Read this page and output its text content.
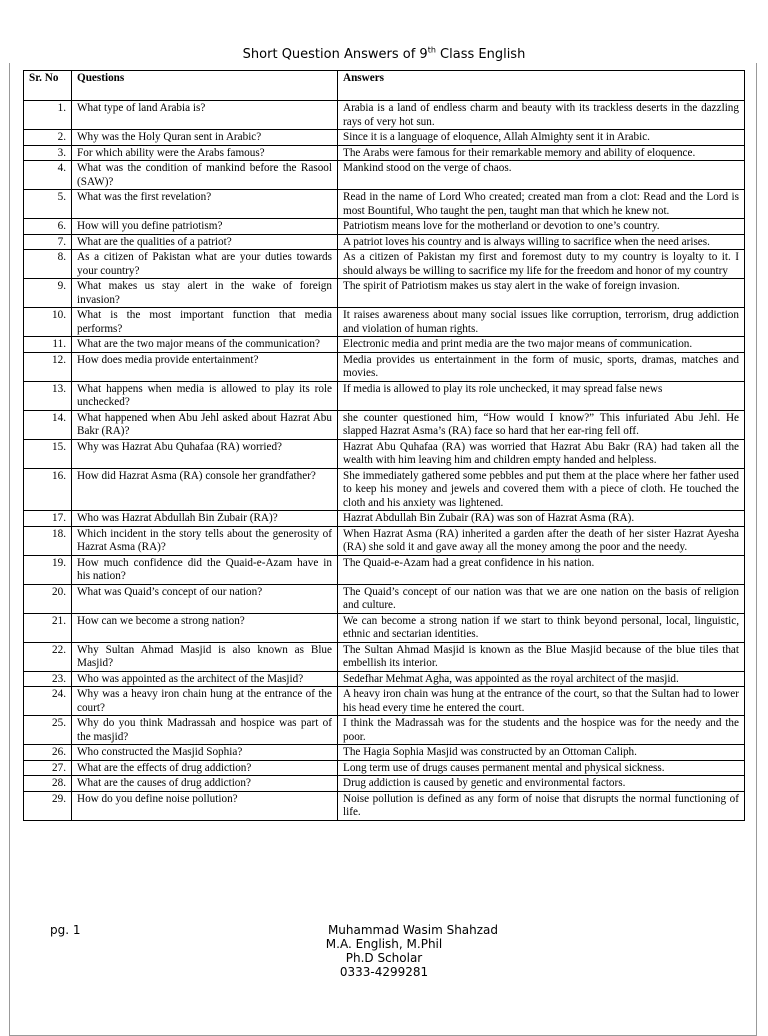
Short Question Answers of 9th Class English
Sr. No	Questions	Answers
1.	What type of land Arabia is?	Arabia is a land of endless charm and beauty with its trackless deserts in the dazzling rays of very hot sun.
2.	Why was the Holy Quran sent in Arabic?	Since it is a language of eloquence, Allah Almighty sent it in Arabic.
3.	For which ability were the Arabs famous?	The Arabs were famous for their remarkable memory and ability of eloquence.
4.	What was the condition of mankind before the Rasool (SAW)?	Mankind stood on the verge of chaos.
5.	What was the first revelation?	Read in the name of Lord Who created; created man from a clot: Read and the Lord is most Bountiful, Who taught the pen, taught man that which he knew not.
6.	How will you define patriotism?	Patriotism means love for the motherland or devotion to one’s country.
7.	What are the qualities of a patriot?	A patriot loves his country and is always willing to sacrifice when the need arises.
8.	As a citizen of Pakistan what are your duties towards your country?	As a citizen of Pakistan my first and foremost duty to my country is loyalty to it. I should always be willing to sacrifice my life for the freedom and honor of my country
9.	What makes us stay alert in the wake of foreign invasion?	The spirit of Patriotism makes us stay alert in the wake of foreign invasion.
10.	What is the most important function that media performs?	It raises awareness about many social issues like corruption, terrorism, drug addiction and violation of human rights.
11.	What are the two major means of the communication?	Electronic media and print media are the two major means of communication.
12.	How does media provide entertainment?	Media provides us entertainment in the form of music, sports, dramas, matches and movies.
13.	What happens when media is allowed to play its role unchecked?	If media is allowed to play its role unchecked, it may spread false news
14.	What happened when Abu Jehl asked about Hazrat Abu Bakr (RA)?	she counter questioned him, “How would I know?” This infuriated Abu Jehl. He slapped Hazrat Asma’s (RA) face so hard that her ear-ring fell off.
15.	Why was Hazrat Abu Quhafaa (RA) worried?	Hazrat Abu Quhafaa (RA) was worried that Hazrat Abu Bakr (RA) had taken all the wealth with him leaving him and children empty handed and helpless.
16.	How did Hazrat Asma (RA) console her grandfather?	She immediately gathered some pebbles and put them at the place where her father used to keep his money and jewels and covered them with a piece of cloth. He touched the cloth and his anxiety was lightened.
17.	Who was Hazrat Abdullah Bin Zubair (RA)?	Hazrat Abdullah Bin Zubair (RA) was son of Hazrat Asma (RA).
18.	Which incident in the story tells about the generosity of Hazrat Asma (RA)?	When Hazrat Asma (RA) inherited a garden after the death of her sister Hazrat Ayesha (RA) she sold it and gave away all the money among the poor and the needy.
19.	How much confidence did the Quaid-e-Azam have in his nation?	The Quaid-e-Azam had a great confidence in his nation.
20.	What was Quaid’s concept of our nation?	The Quaid’s concept of our nation was that we are one nation on the basis of religion and culture.
21.	How can we become a strong nation?	We can become a strong nation if we start to think beyond personal, local, linguistic, ethnic and sectarian identities.
22.	Why Sultan Ahmad Masjid is also known as Blue Masjid?	The Sultan Ahmad Masjid is known as the Blue Masjid because of the blue tiles that embellish its interior.
23.	Who was appointed as the architect of the Masjid?	Sedefhar Mehmat Agha, was appointed as the royal architect of the masjid.
24.	Why was a heavy iron chain hung at the entrance of the court?	A heavy iron chain was hung at the entrance of the court, so that the Sultan had to lower his head every time he entered the court.
25.	Why do you think Madrassah and hospice was part of the masjid?	I think the Madrassah was for the students and the hospice was for the needy and the poor.
26.	Who constructed the Masjid Sophia?	The Hagia Sophia Masjid was constructed by an Ottoman Caliph.
27.	What are the effects of drug addiction?	Long term use of drugs causes permanent mental and physical sickness.
28.	What are the causes of drug addiction?	Drug addiction is caused by genetic and environmental factors.
29.	How do you define noise pollution?	Noise pollution is defined as any form of noise that disrupts the normal functioning of life.
pg. 1	Muhammad Wasim Shahzad
M.A. English, M.Phil
Ph.D Scholar
0333-4299281
